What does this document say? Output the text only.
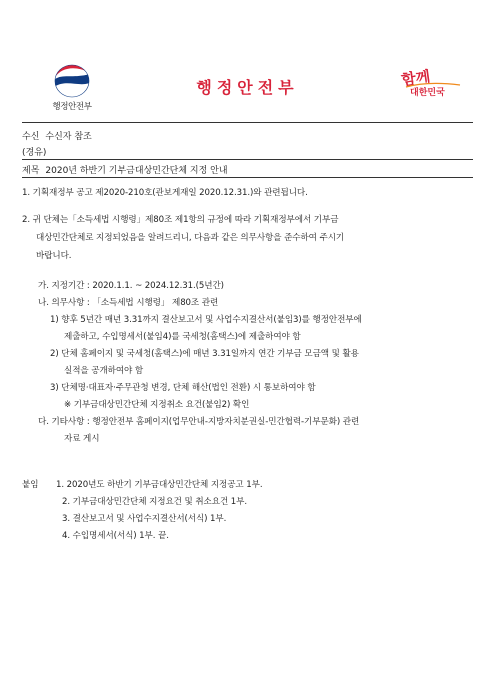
행정안전부
행정안전부	함께
대한민국
수신 수신자 참조
(경유)
제목 2020년 하반기 기부금대상민간단체 지정 안내
1. 기획재정부 공고 제2020-210호(관보게재일 2020.12.31.)와 관련됩니다.
2. 귀 단체는「소득세법 시행령」제80조 제1항의 규정에 따라 기획재정부에서 기부금
대상민간단체로 지정되었음을 알려드리니, 다음과 같은 의무사항을 준수하여 주시기
바랍니다.
가. 지정기간 : 2020.1.1. ~ 2024.12.31.(5년간)
나. 의무사항 : 「소득세법 시행령」 제80조 관련
1) 향후 5년간 매년 3.31까지 결산보고서 및 사업수지결산서(붙임3)를 행정안전부에
제출하고, 수입명세서(붙임4)를 국세청(홈택스)에 제출하여야 함
2) 단체 홈페이지 및 국세청(홈택스)에 매년 3.31일까지 연간 기부금 모금액 및 활용
실적을 공개하여야 함
3) 단체명·대표자·주무관청 변경, 단체 해산(법인 전환) 시 통보하여야 함
※ 기부금대상민간단체 지정취소 요건(붙임2) 확인
다. 기타사항 : 행정안전부 홈페이지(업무안내-지방자치분권실-민간협력-기부문화) 관련
자료 게시
붙임 1. 2020년도 하반기 기부금대상민간단체 지정공고 1부.
2. 기부금대상민간단체 지정요건 및 취소요건 1부.
3. 결산보고서 및 사업수지결산서(서식) 1부.
4. 수입명세서(서식) 1부. 끝.
